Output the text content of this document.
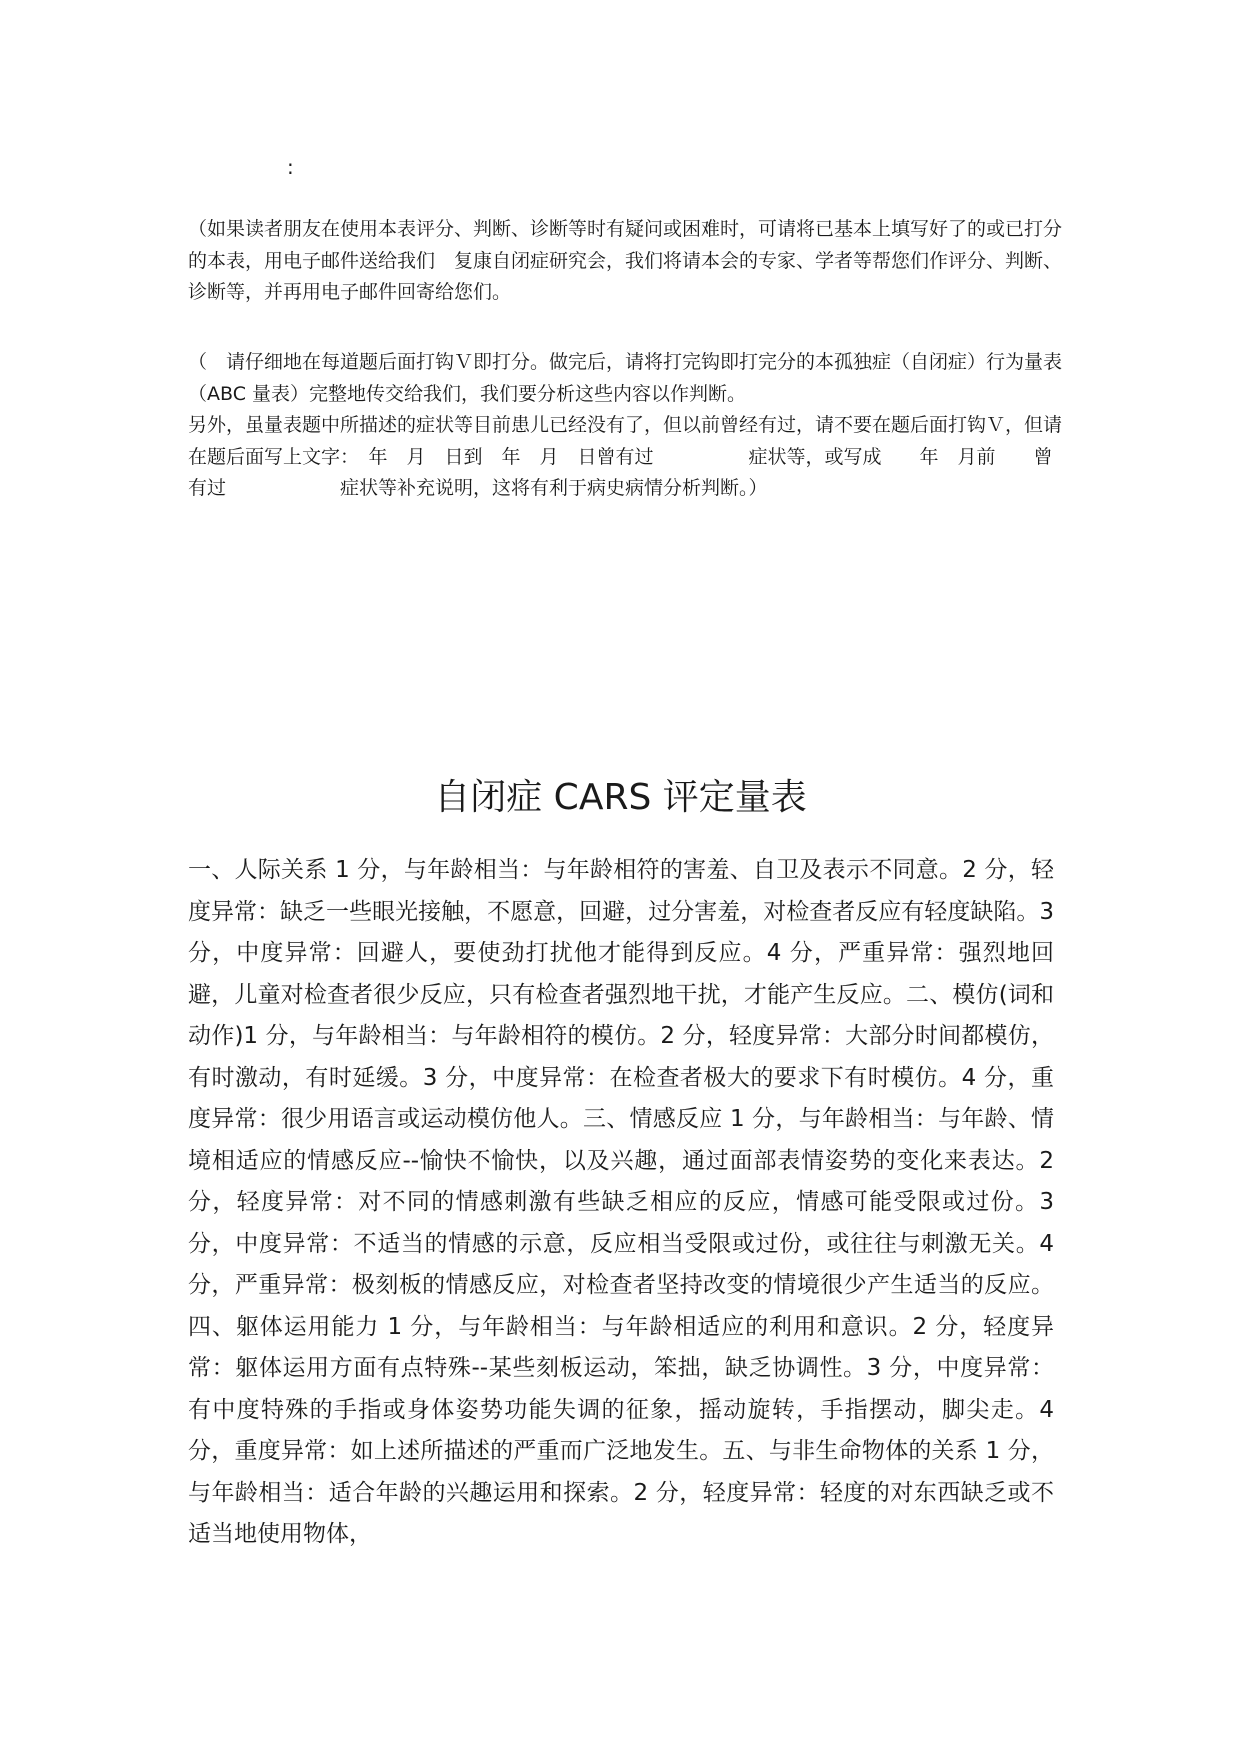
:

（如果读者朋友在使用本表评分、判断、诊断等时有疑问或困难时，可请将已基本上填写好了的或已打分的本表，用电子邮件送给我们　复康自闭症研究会，我们将请本会的专家、学者等帮您们作评分、判断、诊断等，并再用电子邮件回寄给您们。

（　请仔细地在每道题后面打钩Ｖ即打分。做完后，请将打完钩即打完分的本孤独症（自闭症）行为量表（ABC 量表）完整地传交给我们，我们要分析这些内容以作判断。
另外，虽量表题中所描述的症状等目前患儿已经没有了，但以前曾经有过，请不要在题后面打钩Ｖ，但请在题后面写上文字：　年　月　日到　年　月　日曾有过　　　　　症状等，或写成　　年　月前　　曾有过　　　　　　症状等补充说明，这将有利于病史病情分析判断。）

自闭症 CARS 评定量表

一、人际关系 1 分，与年龄相当：与年龄相符的害羞、自卫及表示不同意。2 分，轻度异常：缺乏一些眼光接触，不愿意，回避，过分害羞，对检查者反应有轻度缺陷。3 分，中度异常：回避人，要使劲打扰他才能得到反应。4 分，严重异常：强烈地回避，儿童对检查者很少反应，只有检查者强烈地干扰，才能产生反应。二、模仿(词和动作)1 分，与年龄相当：与年龄相符的模仿。2 分，轻度异常：大部分时间都模仿，有时激动，有时延缓。3 分，中度异常：在检查者极大的要求下有时模仿。4 分，重度异常：很少用语言或运动模仿他人。三、情感反应 1 分，与年龄相当：与年龄、情境相适应的情感反应--愉快不愉快，以及兴趣，通过面部表情姿势的变化来表达。2 分，轻度异常：对不同的情感刺激有些缺乏相应的反应，情感可能受限或过份。3 分，中度异常：不适当的情感的示意，反应相当受限或过份，或往往与刺激无关。4 分，严重异常：极刻板的情感反应，对检查者坚持改变的情境很少产生适当的反应。四、躯体运用能力 1 分，与年龄相当：与年龄相适应的利用和意识。2 分，轻度异常：躯体运用方面有点特殊--某些刻板运动，笨拙，缺乏协调性。3 分，中度异常：有中度特殊的手指或身体姿势功能失调的征象，摇动旋转，手指摆动，脚尖走。4 分，重度异常：如上述所描述的严重而广泛地发生。五、与非生命物体的关系 1 分，与年龄相当：适合年龄的兴趣运用和探索。2 分，轻度异常：轻度的对东西缺乏或不适当地使用物体，
